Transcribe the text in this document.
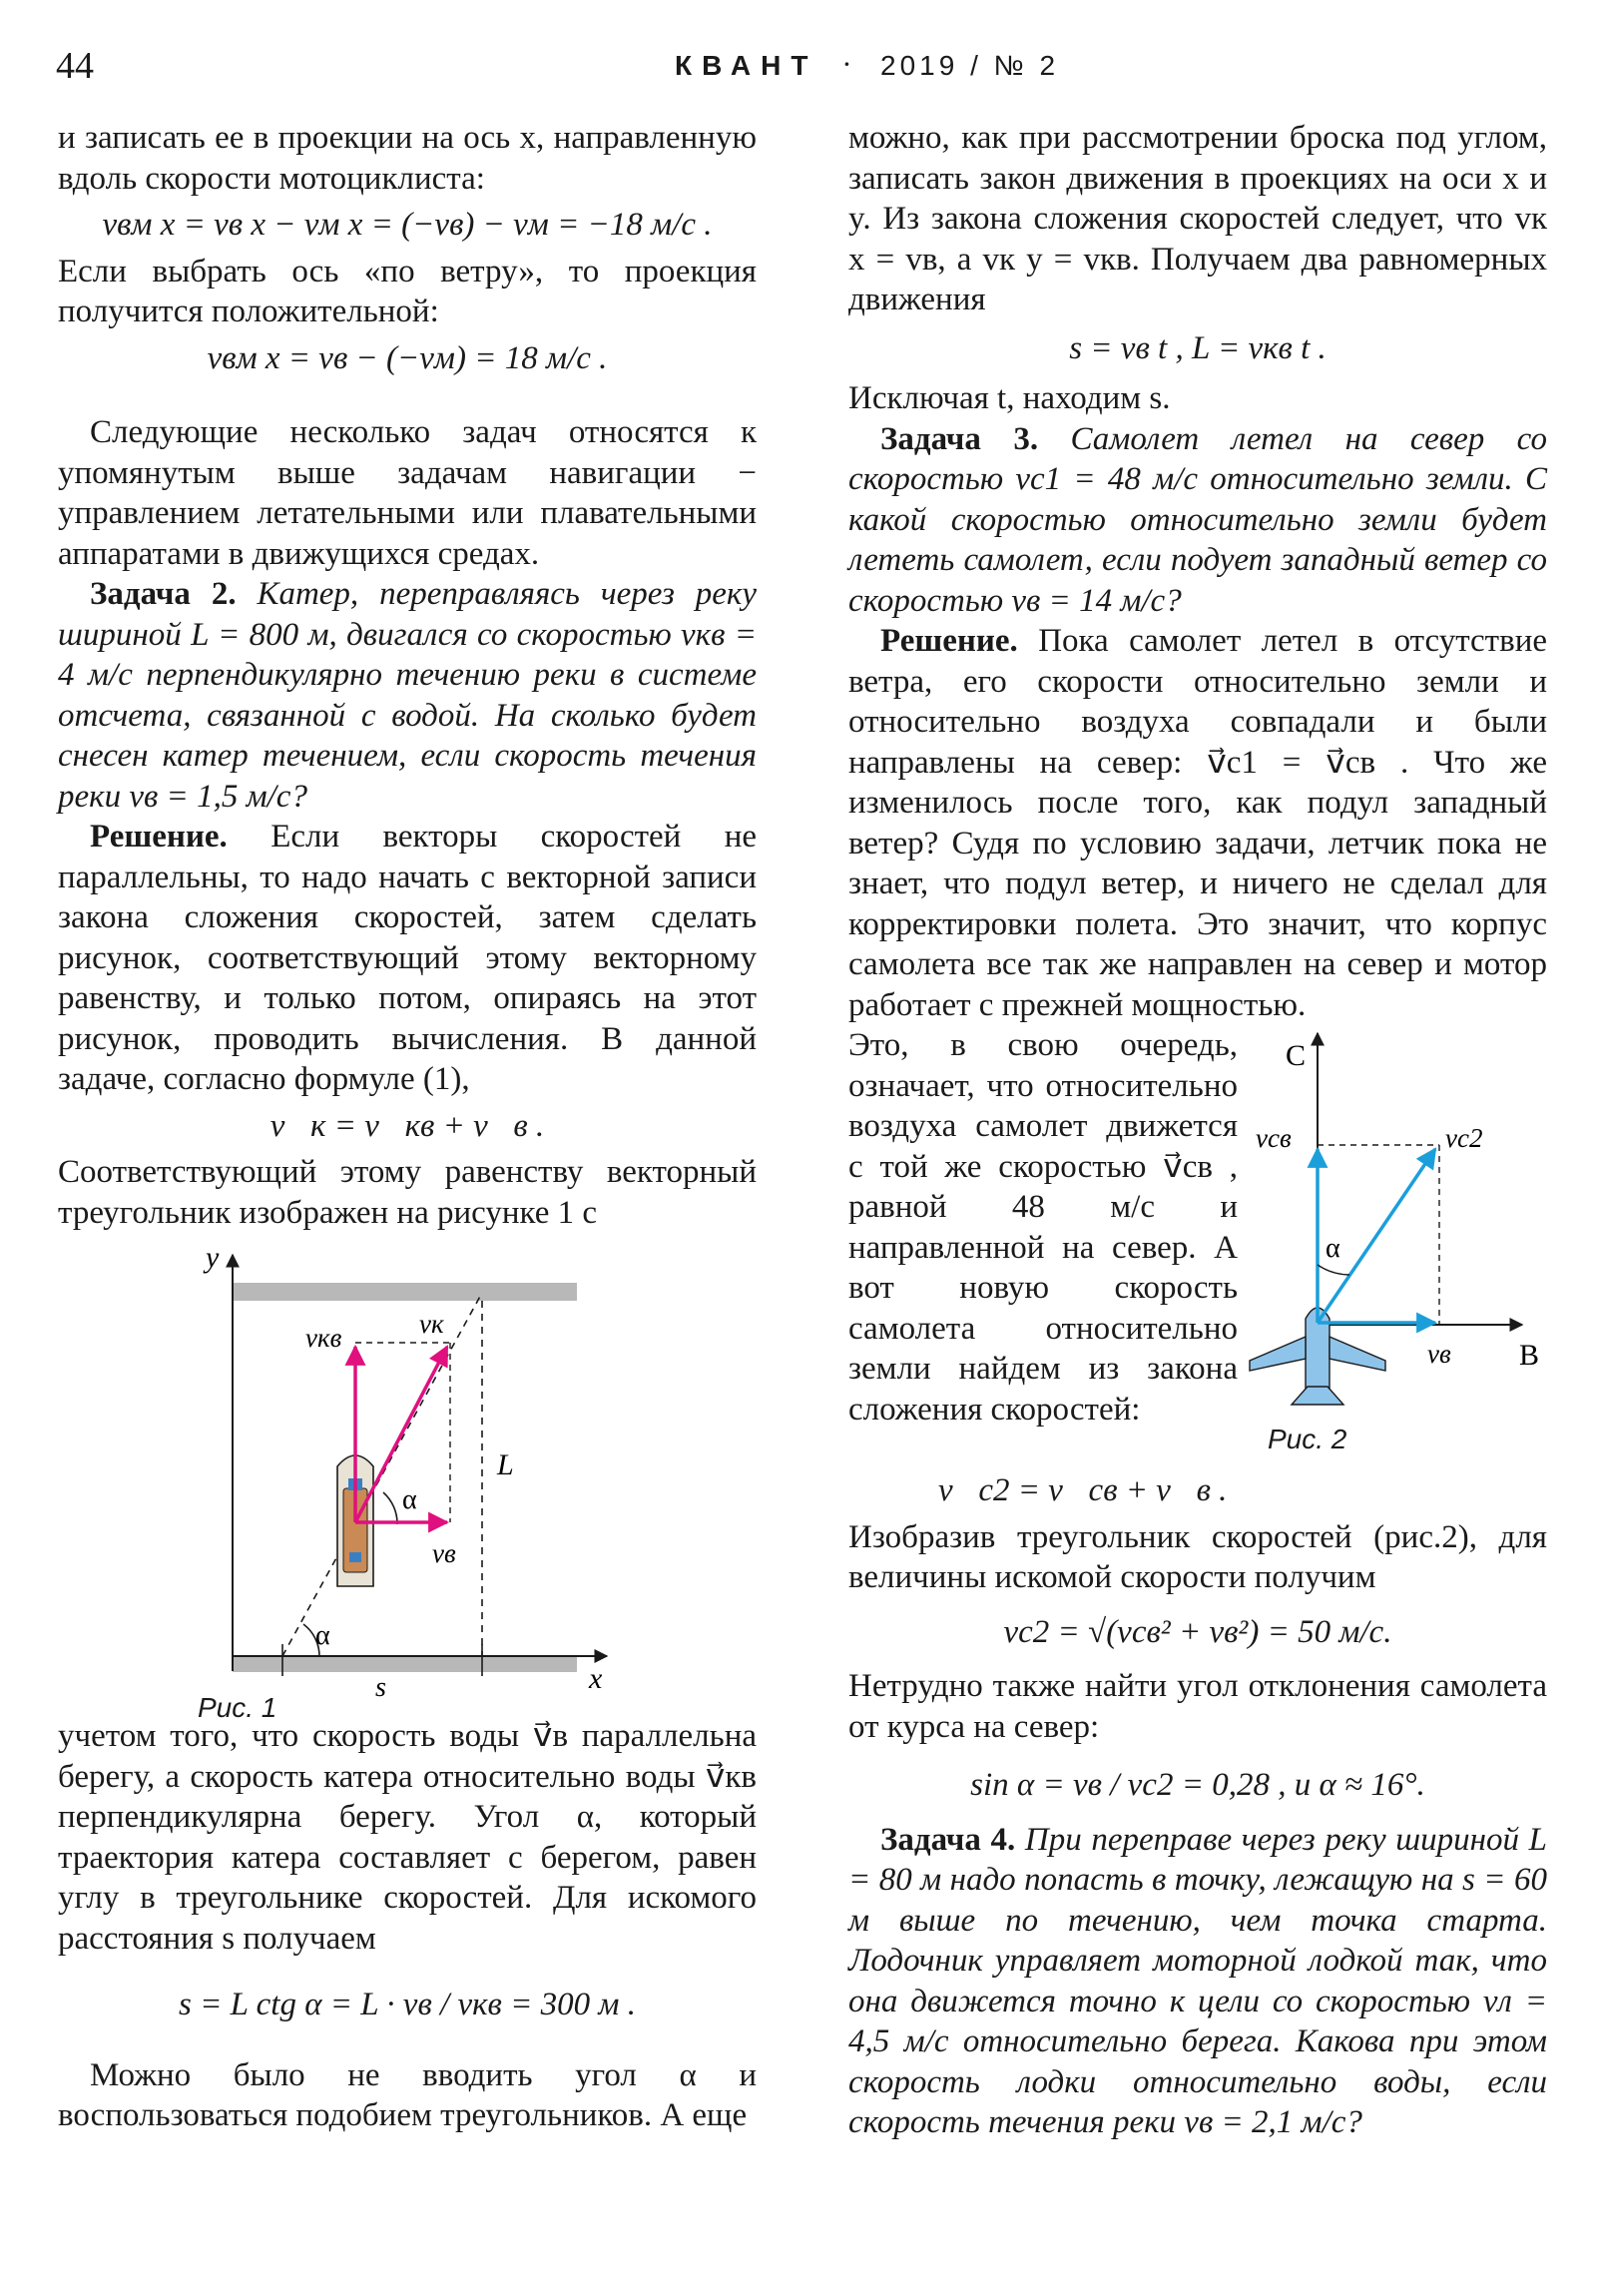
44	КВАНТ · 2019 / № 2

и записать ее в проекции на ось x, направленную вдоль скорости мотоциклиста:

vвм x = vв x − vм x = (−vв) − vм = −18 м/с .

Если выбрать ось «по ветру», то проекция получится положительной:

vвм x = vв − (−vм) = 18 м/с .

Следующие несколько задач относятся к упомянутым выше задачам навигации − управлением летательными или плавательными аппаратами в движущихся средах.

Задача 2. Катер, переправляясь через реку шириной L = 800 м, двигался со скоростью vкв = 4 м/с перпендикулярно течению реки в системе отсчета, связанной с водой. На сколько будет снесен катер течением, если скорость течения реки vв = 1,5 м/с?

Решение. Если векторы скоростей не параллельны, то надо начать с векторной записи закона сложения скоростей, затем сделать рисунок, соответствующий этому векторному равенству, и только потом, опираясь на этот рисунок, проводить вычисления. В данной задаче, согласно формуле (1),

v⃗к = v⃗кв + v⃗в .

Соответствующий этому равенству векторный треугольник изображен на рисунке 1 с

y
x
L
s
α
α
vкв	vк
vв
Рис. 1

учетом того, что скорость воды v⃗в параллельна берегу, а скорость катера относительно воды v⃗кв перпендикулярна берегу. Угол α, который траектория катера составляет с берегом, равен углу в треугольнике скоростей. Для искомого расстояния s получаем

s = L ctg α = L · vв / vкв = 300 м .

Можно было не вводить угол α и воспользоваться подобием треугольников. А еще

можно, как при рассмотрении броска под углом, записать закон движения в проекциях на оси x и y. Из закона сложения скоростей следует, что vк x = vв, а vк y = vкв. Получаем два равномерных движения

s = vв t , L = vкв t .

Исключая t, находим s.

Задача 3. Самолет летел на север со скоростью vс1 = 48 м/с относительно земли. С какой скоростью относительно земли будет лететь самолет, если подует западный ветер со скоростью vв = 14 м/с?

Решение. Пока самолет летел в отсутствие ветра, его скорости относительно земли и относительно воздуха совпадали и были направлены на север: v⃗с1 = v⃗св . Что же изменилось после того, как подул западный ветер? Судя по условию задачи, летчик пока не знает, что подул ветер, и ничего не сделал для корректировки полета. Это значит, что корпус самолета все так же направлен на север и мотор работает с прежней мощностью.

Это, в свою очередь, означает, что относительно воздуха самолет движется с той же скоростью v⃗св , равной 48 м/с и направленной на север. А вот новую скорость самолета относительно земли найдем из закона сложения скоростей:

С
В
α
vсв	vс2
vв
Рис. 2
v⃗с2 = v⃗св + v⃗в .

Изобразив треугольник скоростей (рис.2), для величины искомой скорости получим

vс2 = √(vсв² + vв²) = 50 м/с.

Нетрудно также найти угол отклонения самолета от курса на север:

sin α = vв / vс2 = 0,28 , и α ≈ 16°.

Задача 4. При переправе через реку шириной L = 80 м надо попасть в точку, лежащую на s = 60 м выше по течению, чем точка старта. Лодочник управляет моторной лодкой так, что она движется точно к цели со скоростью vл = 4,5 м/с относительно берега. Какова при этом скорость лодки относительно воды, если скорость течения реки vв = 2,1 м/с?
